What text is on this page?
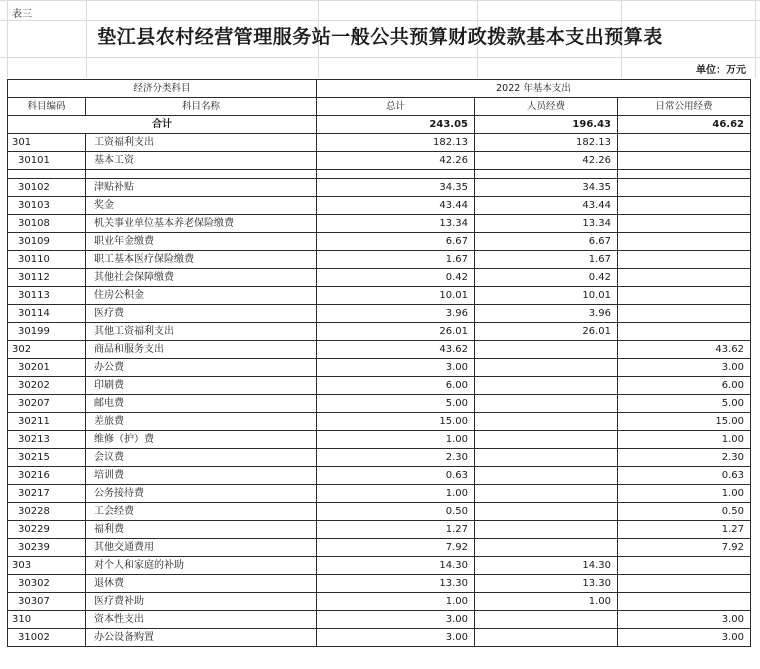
表三
垫江县农村经营管理服务站一般公共预算财政拨款基本支出预算表
单位：万元
经济分类科目		2022 年基本支出		
科目编码	科目名称	总计	人员经费	日常公用经费
合计		243.05	196.43	46.62
301	工资福利支出	182.13	182.13	
30101	基本工资	42.26	42.26	

30102	津贴补贴	34.35	34.35	
30103	奖金	43.44	43.44	
30108	机关事业单位基本养老保险缴费	13.34	13.34	
30109	职业年金缴费	6.67	6.67	
30110	职工基本医疗保险缴费	1.67	1.67	
30112	其他社会保障缴费	0.42	0.42	
30113	住房公积金	10.01	10.01	
30114	医疗费	3.96	3.96	
30199	其他工资福利支出	26.01	26.01	
302	商品和服务支出	43.62		43.62
30201	办公费	3.00		3.00
30202	印刷费	6.00		6.00
30207	邮电费	5.00		5.00
30211	差旅费	15.00		15.00
30213	维修（护）费	1.00		1.00
30215	会议费	2.30		2.30
30216	培训费	0.63		0.63
30217	公务接待费	1.00		1.00
30228	工会经费	0.50		0.50
30229	福利费	1.27		1.27
30239	其他交通费用	7.92		7.92
303	对个人和家庭的补助	14.30	14.30	
30302	退休费	13.30	13.30	
30307	医疗费补助	1.00	1.00	
310	资本性支出	3.00		3.00
31002	办公设备购置	3.00		3.00
